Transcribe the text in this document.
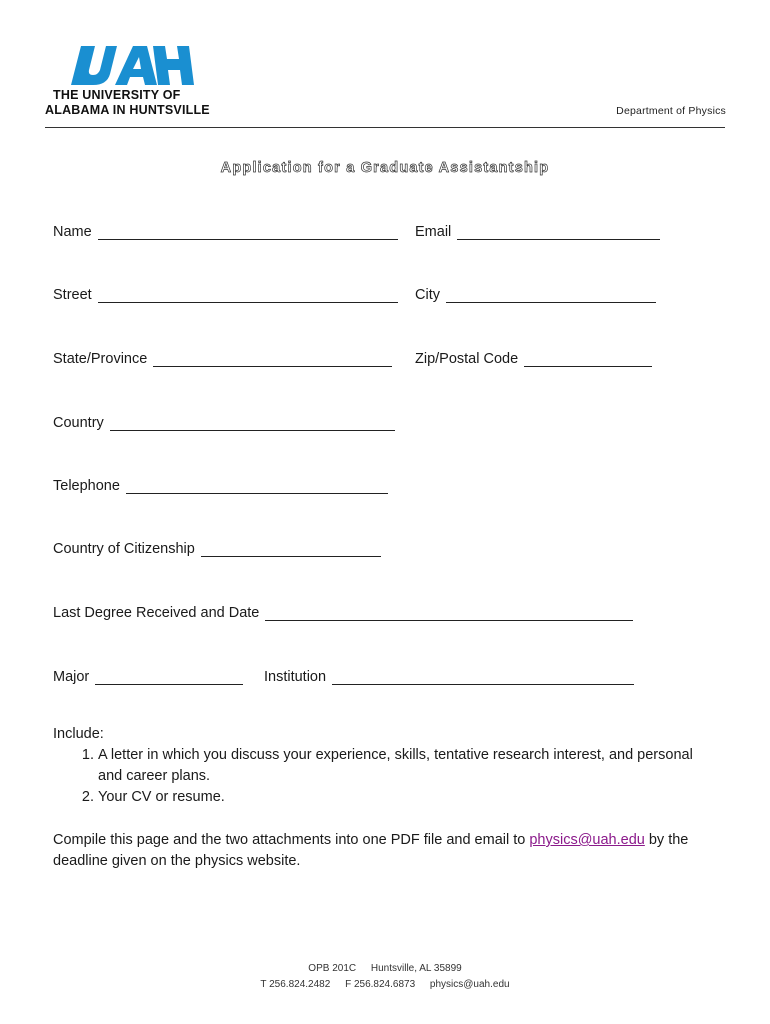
THE UNIVERSITY OF
ALABAMA IN HUNTSVILLE	Department of Physics
Application for a Graduate Assistantship
Name	Email
Street	City
State/Province	Zip/Postal Code
Country
Telephone
Country of Citizenship
Last Degree Received and Date
Major	Institution
Include:
1. A letter in which you discuss your experience, skills, tentative research interest, and personal and career plans.
2. Your CV or resume.
Compile this page and the two attachments into one PDF file and email to physics@uah.edu by the deadline given on the physics website.
OPB 201C Huntsville, AL 35899
T 256.824.2482 F 256.824.6873 physics@uah.edu
